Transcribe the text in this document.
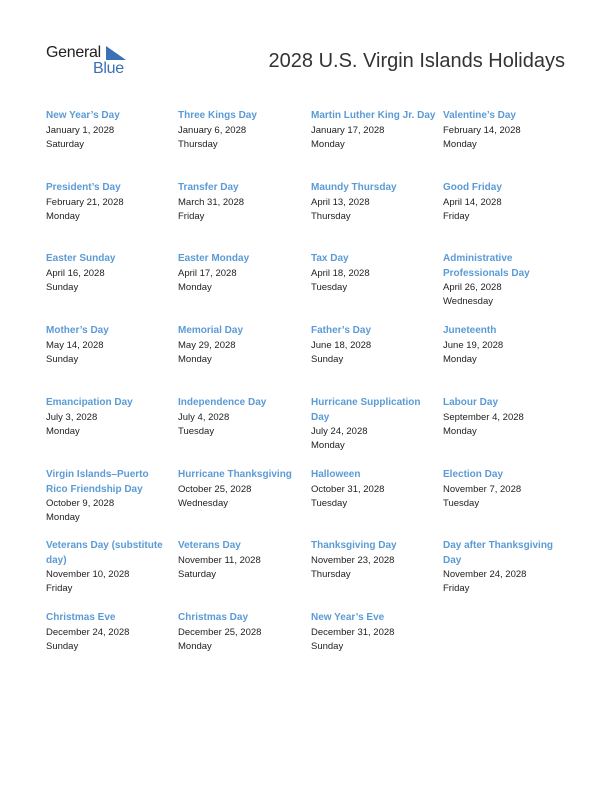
General
Blue	2028 U.S. Virgin Islands Holidays
New Year’s Day
January 1, 2028
Saturday
Three Kings Day
January 6, 2028
Thursday
Martin Luther King Jr. Day
January 17, 2028
Monday
Valentine’s Day
February 14, 2028
Monday
President’s Day
February 21, 2028
Monday
Transfer Day
March 31, 2028
Friday
Maundy Thursday
April 13, 2028
Thursday
Good Friday
April 14, 2028
Friday
Easter Sunday
April 16, 2028
Sunday
Easter Monday
April 17, 2028
Monday
Tax Day
April 18, 2028
Tuesday
Administrative Professionals Day
April 26, 2028
Wednesday
Mother’s Day
May 14, 2028
Sunday
Memorial Day
May 29, 2028
Monday
Father’s Day
June 18, 2028
Sunday
Juneteenth
June 19, 2028
Monday
Emancipation Day
July 3, 2028
Monday
Independence Day
July 4, 2028
Tuesday
Hurricane Supplication Day
July 24, 2028
Monday
Labour Day
September 4, 2028
Monday
Virgin Islands–Puerto Rico Friendship Day
October 9, 2028
Monday
Hurricane Thanksgiving
October 25, 2028
Wednesday
Halloween
October 31, 2028
Tuesday
Election Day
November 7, 2028
Tuesday
Veterans Day (substitute day)
November 10, 2028
Friday
Veterans Day
November 11, 2028
Saturday
Thanksgiving Day
November 23, 2028
Thursday
Day after Thanksgiving Day
November 24, 2028
Friday
Christmas Eve
December 24, 2028
Sunday
Christmas Day
December 25, 2028
Monday
New Year’s Eve
December 31, 2028
Sunday
